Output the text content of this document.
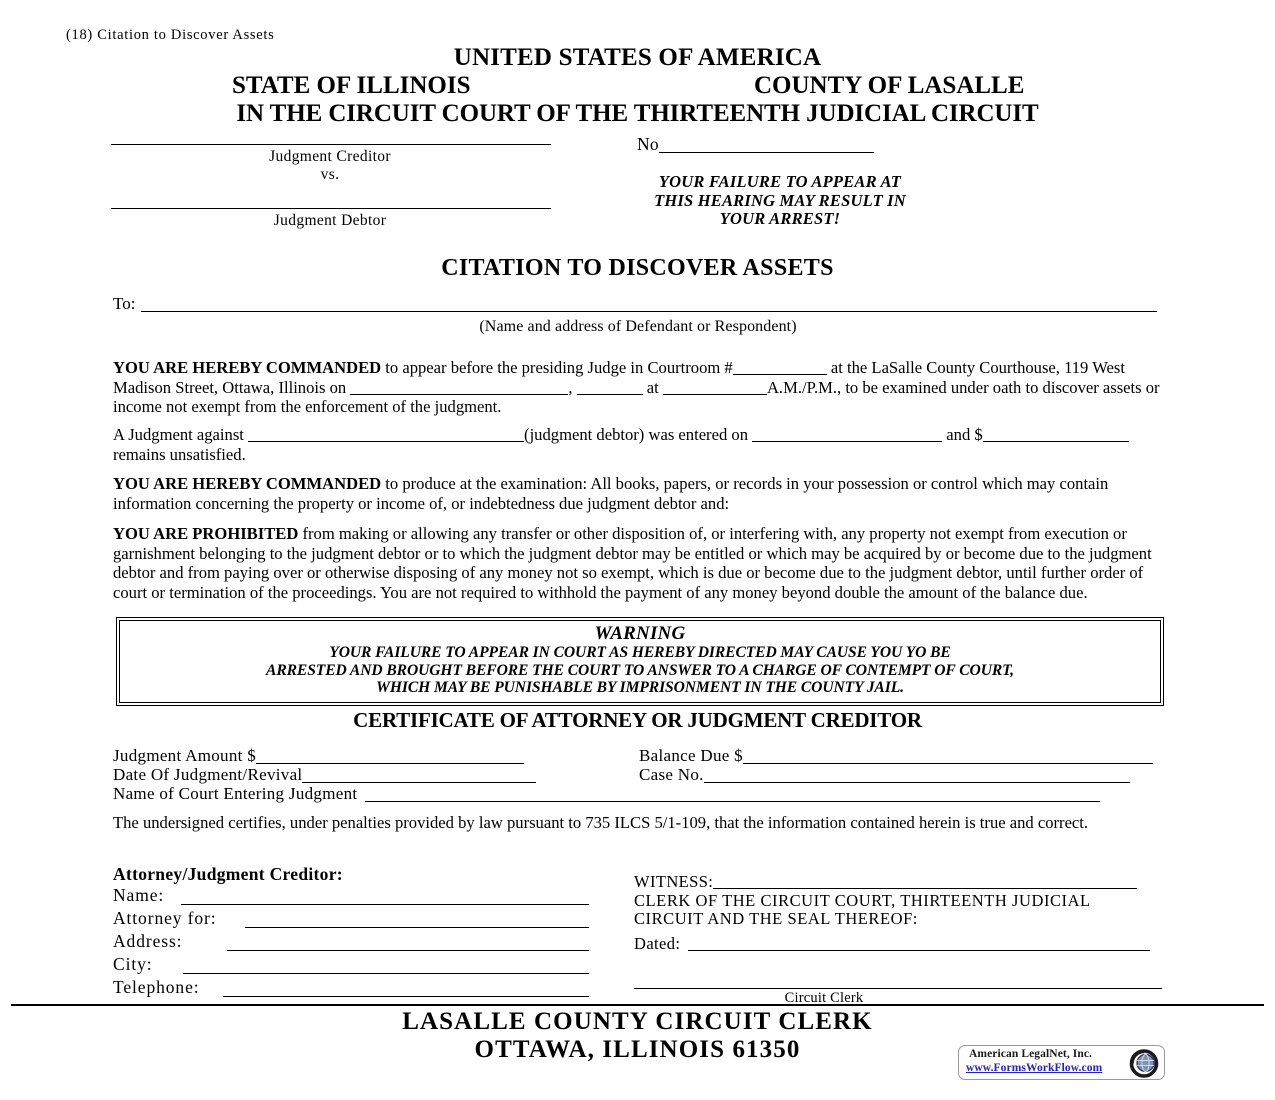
(18) Citation to Discover Assets
UNITED STATES OF AMERICA
STATE OF ILLINOIS	COUNTY OF LASALLE
IN THE CIRCUIT COURT OF THE THIRTEENTH JUDICIAL CIRCUIT
Judgment Creditor
vs.
Judgment Debtor
No
YOUR FAILURE TO APPEAR AT
THIS HEARING MAY RESULT IN
YOUR ARREST!
CITATION TO DISCOVER ASSETS
To:
(Name and address of Defendant or Respondent)
YOU ARE HEREBY COMMANDED to appear before the presiding Judge in Courtroom #	at the LaSalle County Courthouse, 119 West Madison Street, Ottawa, Illinois on	,	at	A.M./P.M., to be examined under oath to discover assets or income not exempt from the enforcement of the judgment.
A Judgment against	(judgment debtor) was entered on	and $ remains unsatisfied.
YOU ARE HEREBY COMMANDED to produce at the examination: All books, papers, or records in your possession or control which may contain information concerning the property or income of, or indebtedness due judgment debtor and:
YOU ARE PROHIBITED from making or allowing any transfer or other disposition of, or interfering with, any property not exempt from execution or garnishment belonging to the judgment debtor or to which the judgment debtor may be entitled or which may be acquired by or become due to the judgment debtor and from paying over or otherwise disposing of any money not so exempt, which is due or become due to the judgment debtor, until further order of court or termination of the proceedings. You are not required to withhold the payment of any money beyond double the amount of the balance due.
WARNING
YOUR FAILURE TO APPEAR IN COURT AS HEREBY DIRECTED MAY CAUSE YOU YO BE
ARRESTED AND BROUGHT BEFORE THE COURT TO ANSWER TO A CHARGE OF CONTEMPT OF COURT,
WHICH MAY BE PUNISHABLE BY IMPRISONMENT IN THE COUNTY JAIL.
CERTIFICATE OF ATTORNEY OR JUDGMENT CREDITOR
Judgment Amount $	Balance Due $
Date Of Judgment/Revival	Case No.
Name of Court Entering Judgment
The undersigned certifies, under penalties provided by law pursuant to 735 ILCS 5/1-109, that the information contained herein is true and correct.
Attorney/Judgment Creditor:
Name:
Attorney for:
Address:
City:
Telephone:
WITNESS:
CLERK OF THE CIRCUIT COURT, THIRTEENTH JUDICIAL
CIRCUIT AND THE SEAL THEREOF:
Dated:
Circuit Clerk
LASALLE COUNTY CIRCUIT CLERK
OTTAWA, ILLINOIS 61350	American LegalNet, Inc.
www.FormsWorkFlow.com
